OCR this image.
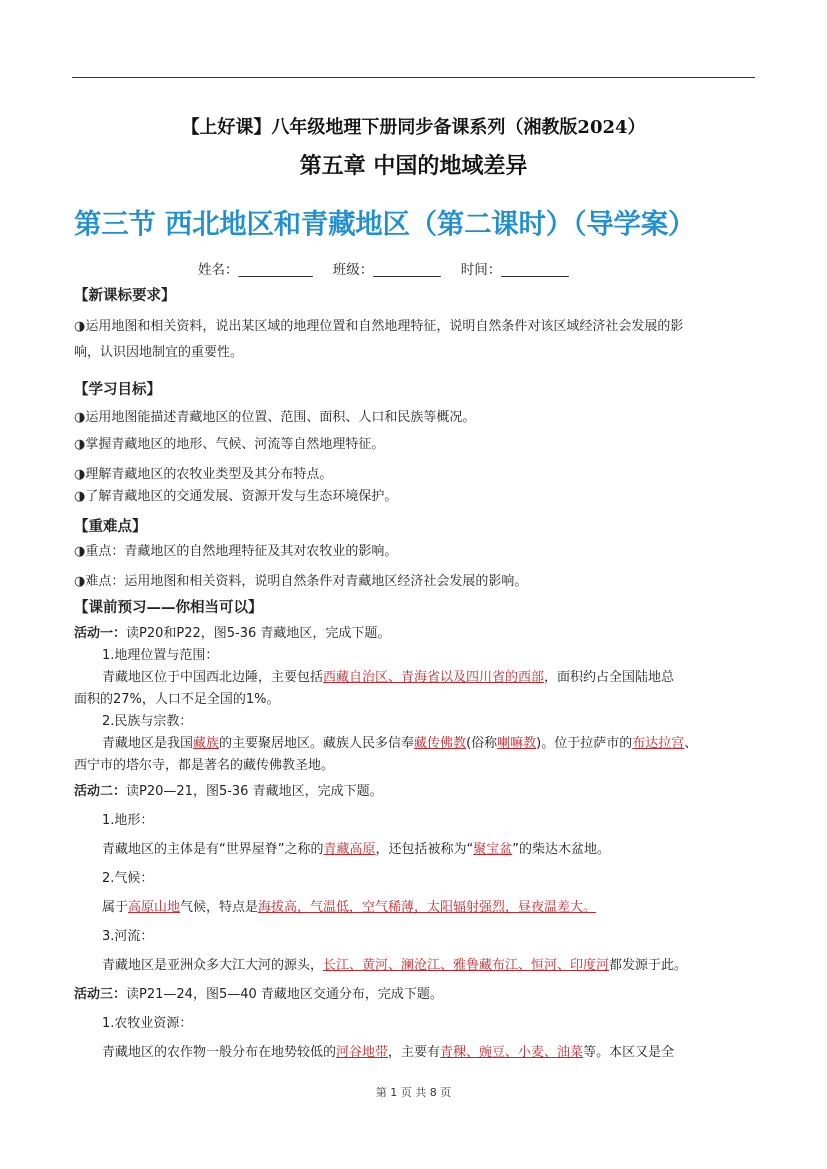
【上好课】八年级地理下册同步备课系列（湘教版2024）
第五章 中国的地域差异
第三节 西北地区和青藏地区（第二课时）（导学案）
姓名：___________ 班级：__________ 时间：__________

【新课标要求】

◑运用地图和相关资料，说出某区域的地理位置和自然地理特征，说明自然条件对该区域经济社会发展的影

响，认识因地制宜的重要性。

【学习目标】

◑运用地图能描述青藏地区的位置、范围、面积、人口和民族等概况。

◑掌握青藏地区的地形、气候、河流等自然地理特征。

◑理解青藏地区的农牧业类型及其分布特点。

◑了解青藏地区的交通发展、资源开发与生态环境保护。

【重难点】

◑重点：青藏地区的自然地理特征及其对农牧业的影响。

◑难点：运用地图和相关资料，说明自然条件对青藏地区经济社会发展的影响。

【课前预习——你相当可以】

活动一：读P20和P22，图5-36 青藏地区，完成下题。

1.地理位置与范围：

青藏地区位于中国西北边陲，主要包括西藏自治区、青海省以及四川省的西部，面积约占全国陆地总

面积的27%，人口不足全国的1%。

2.民族与宗教：

青藏地区是我国藏族的主要聚居地区。藏族人民多信奉藏传佛教(俗称喇嘛教)。位于拉萨市的布达拉宫、

西宁市的塔尔寺，都是著名的藏传佛教圣地。

活动二：读P20—21，图5-36 青藏地区，完成下题。

1.地形：

青藏地区的主体是有“世界屋脊”之称的青藏高原，还包括被称为“聚宝盆”的柴达木盆地。

2.气候：

属于高原山地气候，特点是海拔高，气温低，空气稀薄，太阳辐射强烈，昼夜温差大。

3.河流：

青藏地区是亚洲众多大江大河的源头，长江、黄河、澜沧江、雅鲁藏布江、恒河、印度河都发源于此。

活动三：读P21—24，图5—40 青藏地区交通分布，完成下题。

1.农牧业资源：

青藏地区的农作物一般分布在地势较低的河谷地带，主要有青稞、豌豆、小麦、油菜等。本区又是全

第 1 页 共 8 页
